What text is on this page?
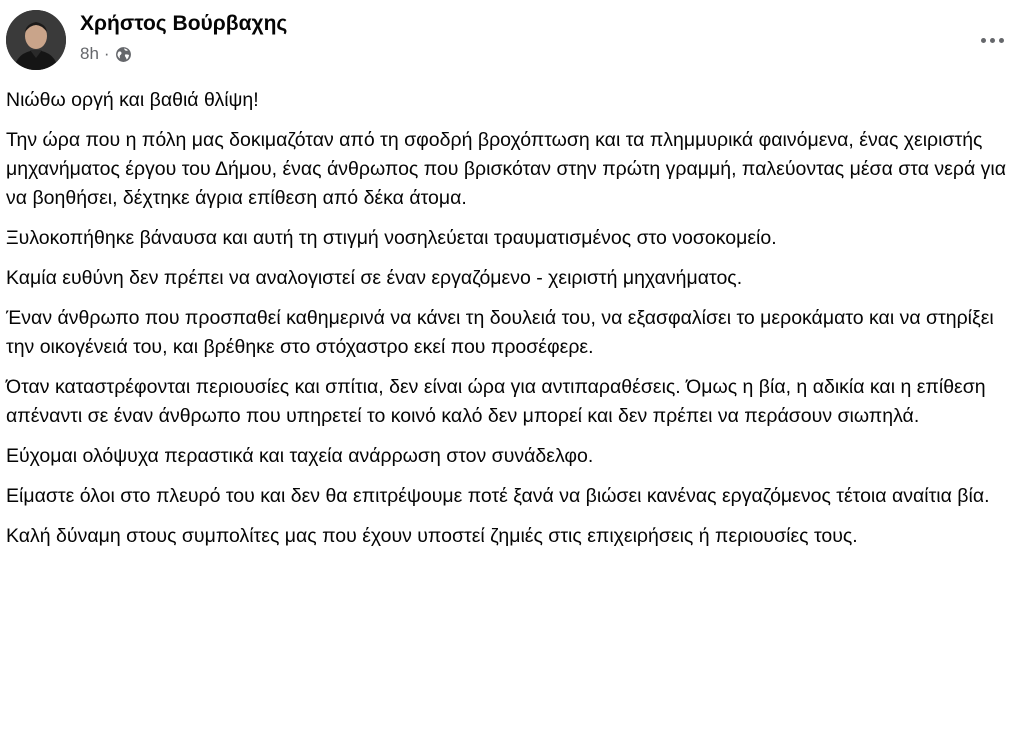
Χρήστος Βούρβαχης
8h ·

Νιώθω οργή και βαθιά θλίψη!

Την ώρα που η πόλη μας δοκιμαζόταν από τη σφοδρή βροχόπτωση και τα πλημμυρικά φαινόμενα, ένας χειριστής μηχανήματος έργου του Δήμου, ένας άνθρωπος που βρισκόταν στην πρώτη γραμμή, παλεύοντας μέσα στα νερά για να βοηθήσει, δέχτηκε άγρια επίθεση από δέκα άτομα.

Ξυλοκοπήθηκε βάναυσα και αυτή τη στιγμή νοσηλεύεται τραυματισμένος στο νοσοκομείο.

Καμία ευθύνη δεν πρέπει να αναλογιστεί σε έναν εργαζόμενο - χειριστή μηχανήματος.

Έναν άνθρωπο που προσπαθεί καθημερινά να κάνει τη δουλειά του, να εξασφαλίσει το μεροκάματο και να στηρίξει την οικογένειά του, και βρέθηκε στο στόχαστρο εκεί που προσέφερε.

Όταν καταστρέφονται περιουσίες και σπίτια, δεν είναι ώρα για αντιπαραθέσεις. Όμως η βία, η αδικία και η επίθεση απέναντι σε έναν άνθρωπο που υπηρετεί το κοινό καλό δεν μπορεί και δεν πρέπει να περάσουν σιωπηλά.

Εύχομαι ολόψυχα περαστικά και ταχεία ανάρρωση στον συνάδελφο.

Είμαστε όλοι στο πλευρό του και δεν θα επιτρέψουμε ποτέ ξανά να βιώσει κανένας εργαζόμενος τέτοια αναίτια βία.

Καλή δύναμη στους συμπολίτες μας που έχουν υποστεί ζημιές στις επιχειρήσεις ή περιουσίες τους.
